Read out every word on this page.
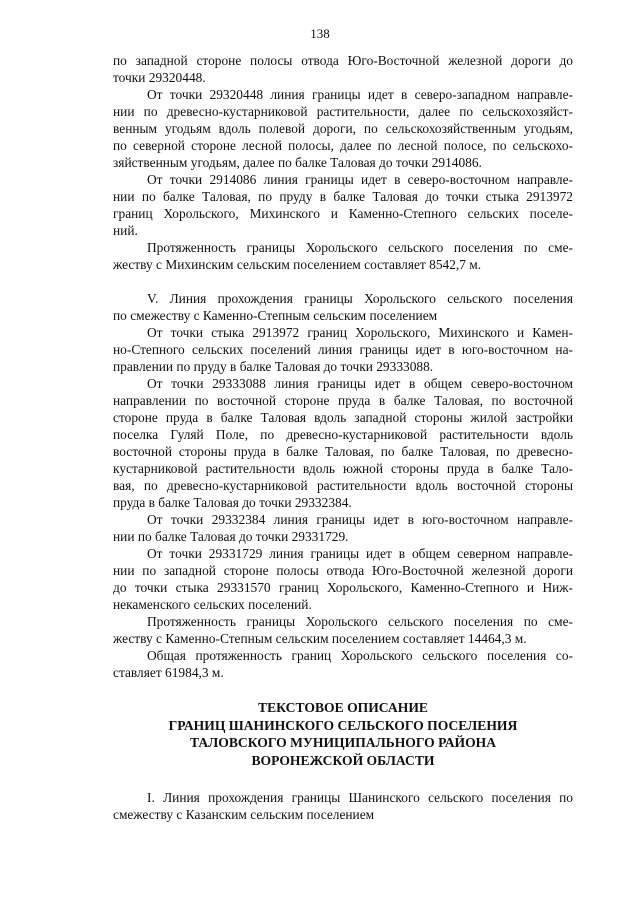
138
по западной стороне полосы отвода Юго-Восточной железной дороги до
точки 29320448.
От точки 29320448 линия границы идет в северо-западном направле-
нии по древесно-кустарниковой растительности, далее по сельскохозяйст-
венным угодьям вдоль полевой дороги, по сельскохозяйственным угодьям,
по северной стороне лесной полосы, далее по лесной полосе, по сельскохо-
зяйственным угодьям, далее по балке Таловая до точки 2914086.
От точки 2914086 линия границы идет в северо-восточном направле-
нии по балке Таловая, по пруду в балке Таловая до точки стыка 2913972
границ Хорольского, Михинского и Каменно-Степного сельских поселе-
ний.
Протяженность границы Хорольского сельского поселения по сме-
жеству с Михинским сельским поселением составляет 8542,7 м.
V. Линия прохождения границы Хорольского сельского поселения
по смежеству с Каменно-Степным сельским поселением
От точки стыка 2913972 границ Хорольского, Михинского и Камен-
но-Степного сельских поселений линия границы идет в юго-восточном на-
правлении по пруду в балке Таловая до точки 29333088.
От точки 29333088 линия границы идет в общем северо-восточном
направлении по восточной стороне пруда в балке Таловая, по восточной
стороне пруда в балке Таловая вдоль западной стороны жилой застройки
поселка Гуляй Поле, по древесно-кустарниковой растительности вдоль
восточной стороны пруда в балке Таловая, по балке Таловая, по древесно-
кустарниковой растительности вдоль южной стороны пруда в балке Тало-
вая, по древесно-кустарниковой растительности вдоль восточной стороны
пруда в балке Таловая до точки 29332384.
От точки 29332384 линия границы идет в юго-восточном направле-
нии по балке Таловая до точки 29331729.
От точки 29331729 линия границы идет в общем северном направле-
нии по западной стороне полосы отвода Юго-Восточной железной дороги
до точки стыка 29331570 границ Хорольского, Каменно-Степного и Ниж-
некаменского сельских поселений.
Протяженность границы Хорольского сельского поселения по сме-
жеству с Каменно-Степным сельским поселением составляет 14464,3 м.
Общая протяженность границ Хорольского сельского поселения со-
ставляет 61984,3 м.
ТЕКСТОВОЕ ОПИСАНИЕ
ГРАНИЦ ШАНИНСКОГО СЕЛЬСКОГО ПОСЕЛЕНИЯ
ТАЛОВСКОГО МУНИЦИПАЛЬНОГО РАЙОНА
ВОРОНЕЖСКОЙ ОБЛАСТИ
I. Линия прохождения границы Шанинского сельского поселения по
смежеству с Казанским сельским поселением
